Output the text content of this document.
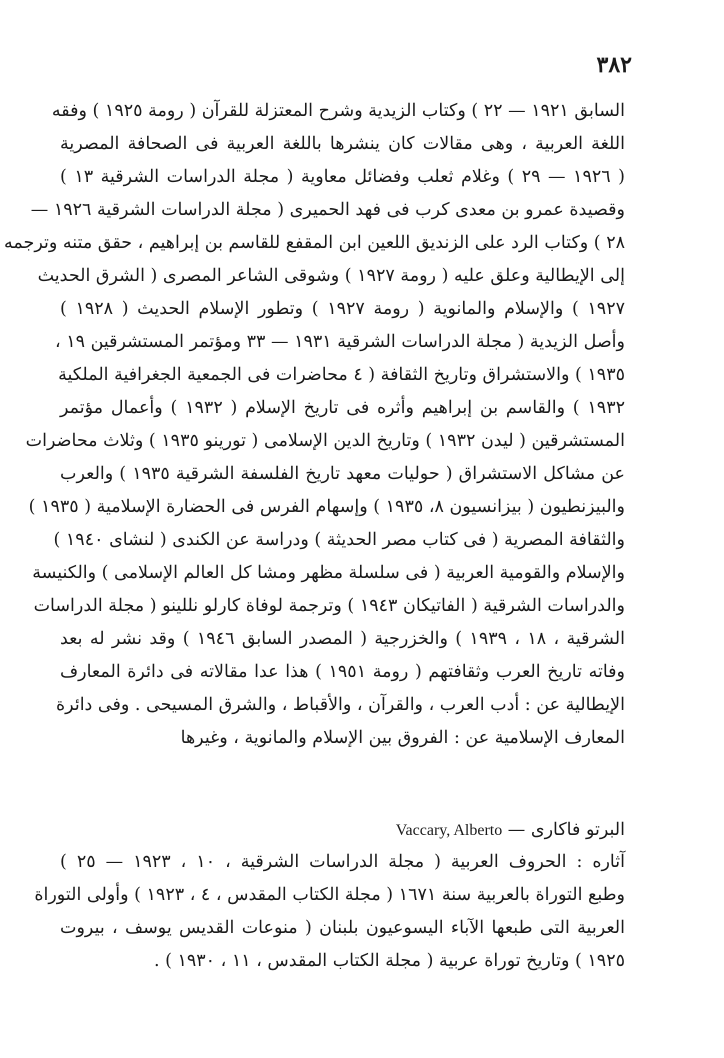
٣٨٢
السابق ١٩٢١ — ٢٢ ) وكتاب الزيدية وشرح المعتزلة للقرآن ( رومة ١٩٢٥ ) وفقه
اللغة العربية ، وهى مقالات كان ينشرها باللغة العربية فى الصحافة المصرية
( ١٩٢٦ — ٢٩ ) وغلام ثعلب وفضائل معاوية ( مجلة الدراسات الشرقية ١٣ )
وقصيدة عمرو بن معدى كرب فى فهد الحميرى ( مجلة الدراسات الشرقية ١٩٢٦ —
٢٨ ) وكتاب الرد على الزنديق اللعين ابن المقفع للقاسم بن إبراهيم ، حقق متنه وترجمه
إلى الإيطالية وعلق عليه ( رومة ١٩٢٧ ) وشوقى الشاعر المصرى ( الشرق الحديث
١٩٢٧ ) والإسلام والمانوية ( رومة ١٩٢٧ ) وتطور الإسلام الحديث ( ١٩٢٨ )
وأصل الزيدية ( مجلة الدراسات الشرقية ١٩٣١ — ٣٣ ومؤتمر المستشرقين ١٩ ،
١٩٣٥ ) والاستشراق وتاريخ الثقافة ( ٤ محاضرات فى الجمعية الجغرافية الملكية
١٩٣٢ ) والقاسم بن إبراهيم وأثره فى تاريخ الإسلام ( ١٩٣٢ ) وأعمال مؤتمر
المستشرقين ( ليدن ١٩٣٢ ) وتاريخ الدين الإسلامى ( تورينو ١٩٣٥ ) وثلاث محاضرات
عن مشاكل الاستشراق ( حوليات معهد تاريخ الفلسفة الشرقية ١٩٣٥ ) والعرب
والبيزنطيون ( بيزانسيون ٨، ١٩٣٥ ) وإسهام الفرس فى الحضارة الإسلامية ( ١٩٣٥ )
والثقافة المصرية ( فى كتاب مصر الحديثة ) ودراسة عن الكندى ( لنشاى ١٩٤٠ )
والإسلام والقومية العربية ( فى سلسلة مظهر ومشا كل العالم الإسلامى ) والكنيسة
والدراسات الشرقية ( الفاتيكان ١٩٤٣ ) وترجمة لوفاة كارلو نللينو ( مجلة الدراسات
الشرقية ، ١٨ ، ١٩٣٩ ) والخزرجية ( المصدر السابق ١٩٤٦ ) وقد نشر له بعد
وفاته تاريخ العرب وثقافتهم ( رومة ١٩٥١ ) هذا عدا مقالاته فى دائرة المعارف
الإيطالية عن : أدب العرب ، والقرآن ، والأقباط ، والشرق المسيحى . وفى دائرة
المعارف الإسلامية عن : الفروق بين الإسلام والمانوية ، وغيرها
البرتو فاكارى — Vaccary, Alberto
آثاره : الحروف العربية ( مجلة الدراسات الشرقية ، ١٠ ، ١٩٢٣ — ٢٥ )
وطبع التوراة بالعربية سنة ١٦٧١ ( مجلة الكتاب المقدس ، ٤ ، ١٩٢٣ ) وأولى التوراة
العربية التى طبعها الآباء اليسوعيون بلبنان ( منوعات القديس يوسف ، بيروت
١٩٢٥ ) وتاريخ توراة عربية ( مجلة الكتاب المقدس ، ١١ ، ١٩٣٠ ) .
